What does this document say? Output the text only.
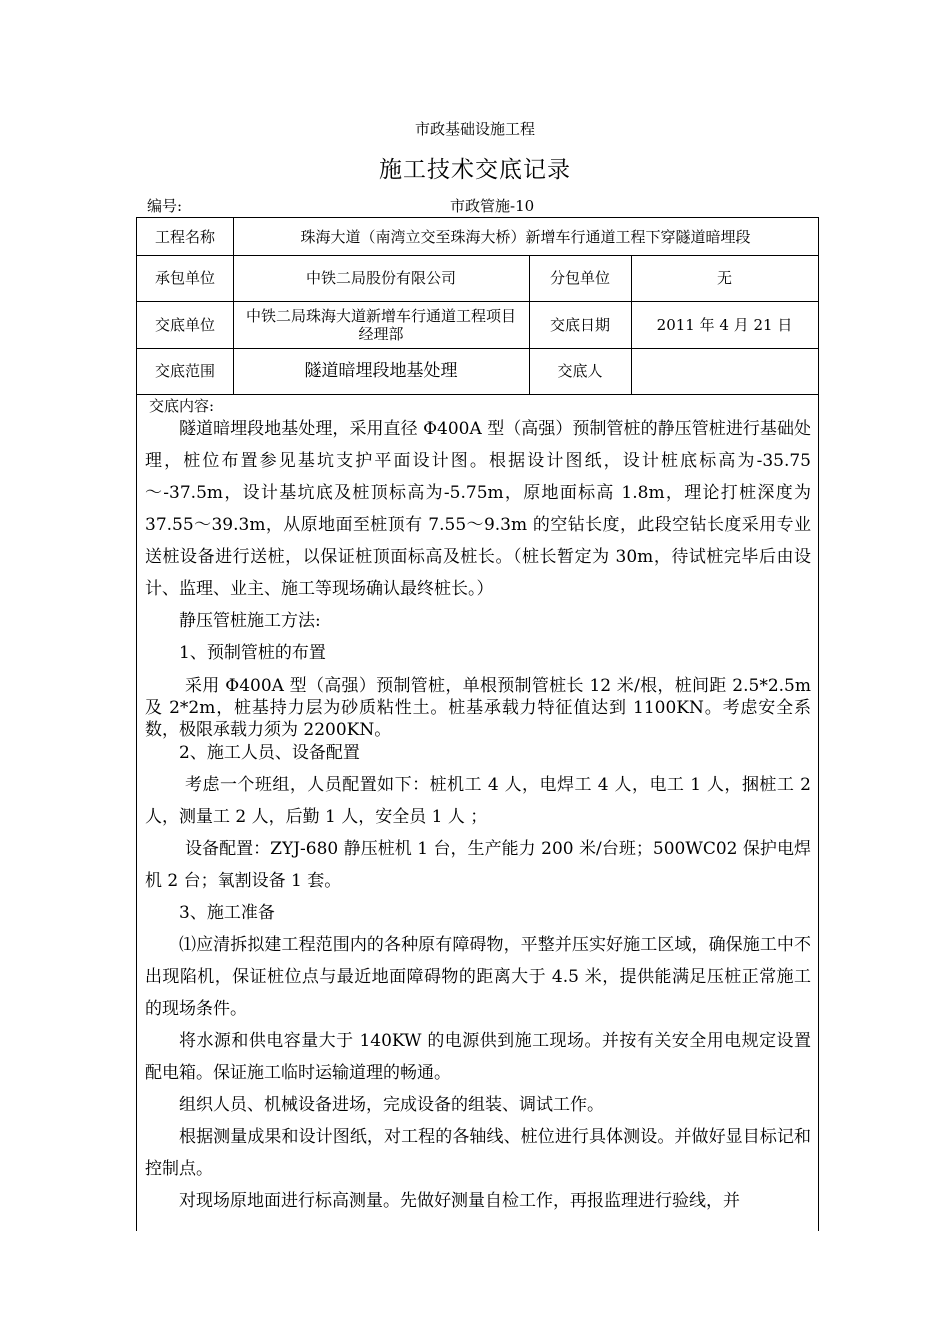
市政基础设施工程
施工技术交底记录
编号:	市政管施-10
工程名称	珠海大道（南湾立交至珠海大桥）新增车行通道工程下穿隧道暗埋段
承包单位	中铁二局股份有限公司	分包单位	无
交底单位	中铁二局珠海大道新增车行通道工程项目经理部	交底日期	2011 年 4 月 21 日
交底范围	隧道暗埋段地基处理	交底人
交底内容:

隧道暗埋段地基处理，采用直径 Φ400A 型（高强）预制管桩的静压管桩进行基础处理，桩位布置参见基坑支护平面设计图。根据设计图纸，设计桩底标高为-35.75～-37.5m，设计基坑底及桩顶标高为-5.75m，原地面标高 1.8m，理论打桩深度为 37.55～39.3m，从原地面至桩顶有 7.55～9.3m 的空钻长度，此段空钻长度采用专业送桩设备进行送桩，以保证桩顶面标高及桩长。（桩长暂定为 30m，待试桩完毕后由设计、监理、业主、施工等现场确认最终桩长。）

静压管桩施工方法:

1、预制管桩的布置

采用 Φ400A 型（高强）预制管桩，单根预制管桩长 12 米/根，桩间距 2.5*2.5m 及 2*2m，桩基持力层为砂质粘性土。桩基承载力特征值达到 1100KN。考虑安全系数，极限承载力须为 2200KN。

2、施工人员、设备配置

考虑一个班组，人员配置如下：桩机工 4 人，电焊工 4 人，电工 1 人，捆桩工 2 人，测量工 2 人，后勤 1 人，安全员 1 人 ；

设备配置：ZYJ-680 静压桩机 1 台，生产能力 200 米/台班；500WC02 保护电焊机 2 台；氧割设备 1 套。

3、施工准备

⑴应清拆拟建工程范围内的各种原有障碍物，平整并压实好施工区域，确保施工中不出现陷机，保证桩位点与最近地面障碍物的距离大于 4.5 米，提供能满足压桩正常施工的现场条件。

将水源和供电容量大于 140KW 的电源供到施工现场。并按有关安全用电规定设置配电箱。保证施工临时运输道理的畅通。

组织人员、机械设备进场，完成设备的组装、调试工作。

根据测量成果和设计图纸，对工程的各轴线、桩位进行具体测设。并做好显目标记和控制点。

对现场原地面进行标高测量。先做好测量自检工作，再报监理进行验线，并
